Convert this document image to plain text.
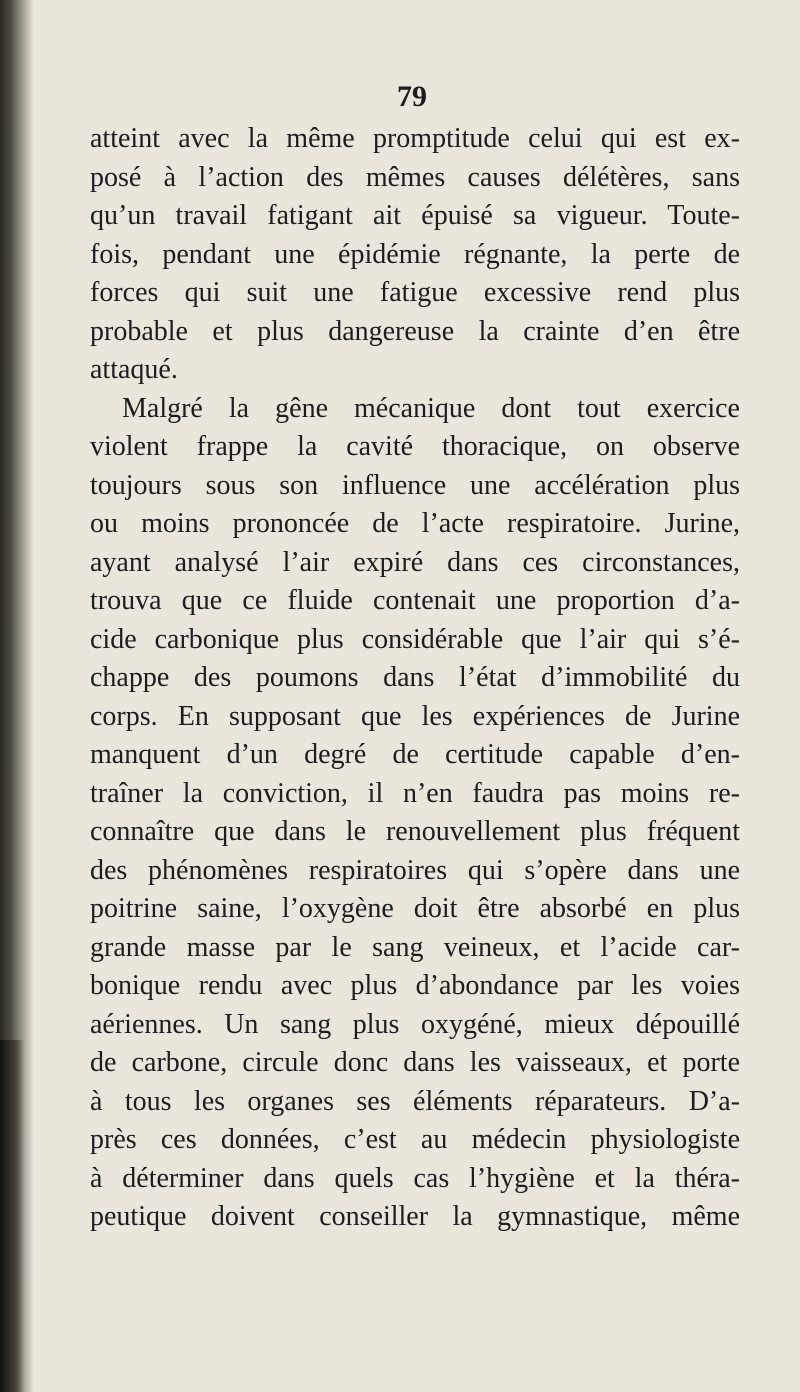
79
atteint avec la même promptitude celui qui est ex-
posé à l’action des mêmes causes délétères, sans
qu’un travail fatigant ait épuisé sa vigueur. Toute-
fois, pendant une épidémie régnante, la perte de
forces qui suit une fatigue excessive rend plus
probable et plus dangereuse la crainte d’en être
attaqué.
Malgré la gêne mécanique dont tout exercice
violent frappe la cavité thoracique, on observe
toujours sous son influence une accélération plus
ou moins prononcée de l’acte respiratoire. Jurine,
ayant analysé l’air expiré dans ces circonstances,
trouva que ce fluide contenait une proportion d’a-
cide carbonique plus considérable que l’air qui s’é-
chappe des poumons dans l’état d’immobilité du
corps. En supposant que les expériences de Jurine
manquent d’un degré de certitude capable d’en-
traîner la conviction, il n’en faudra pas moins re-
connaître que dans le renouvellement plus fréquent
des phénomènes respiratoires qui s’opère dans une
poitrine saine, l’oxygène doit être absorbé en plus
grande masse par le sang veineux, et l’acide car-
bonique rendu avec plus d’abondance par les voies
aériennes. Un sang plus oxygéné, mieux dépouillé
de carbone, circule donc dans les vaisseaux, et porte
à tous les organes ses éléments réparateurs. D’a-
près ces données, c’est au médecin physiologiste
à déterminer dans quels cas l’hygiène et la théra-
peutique doivent conseiller la gymnastique, même
